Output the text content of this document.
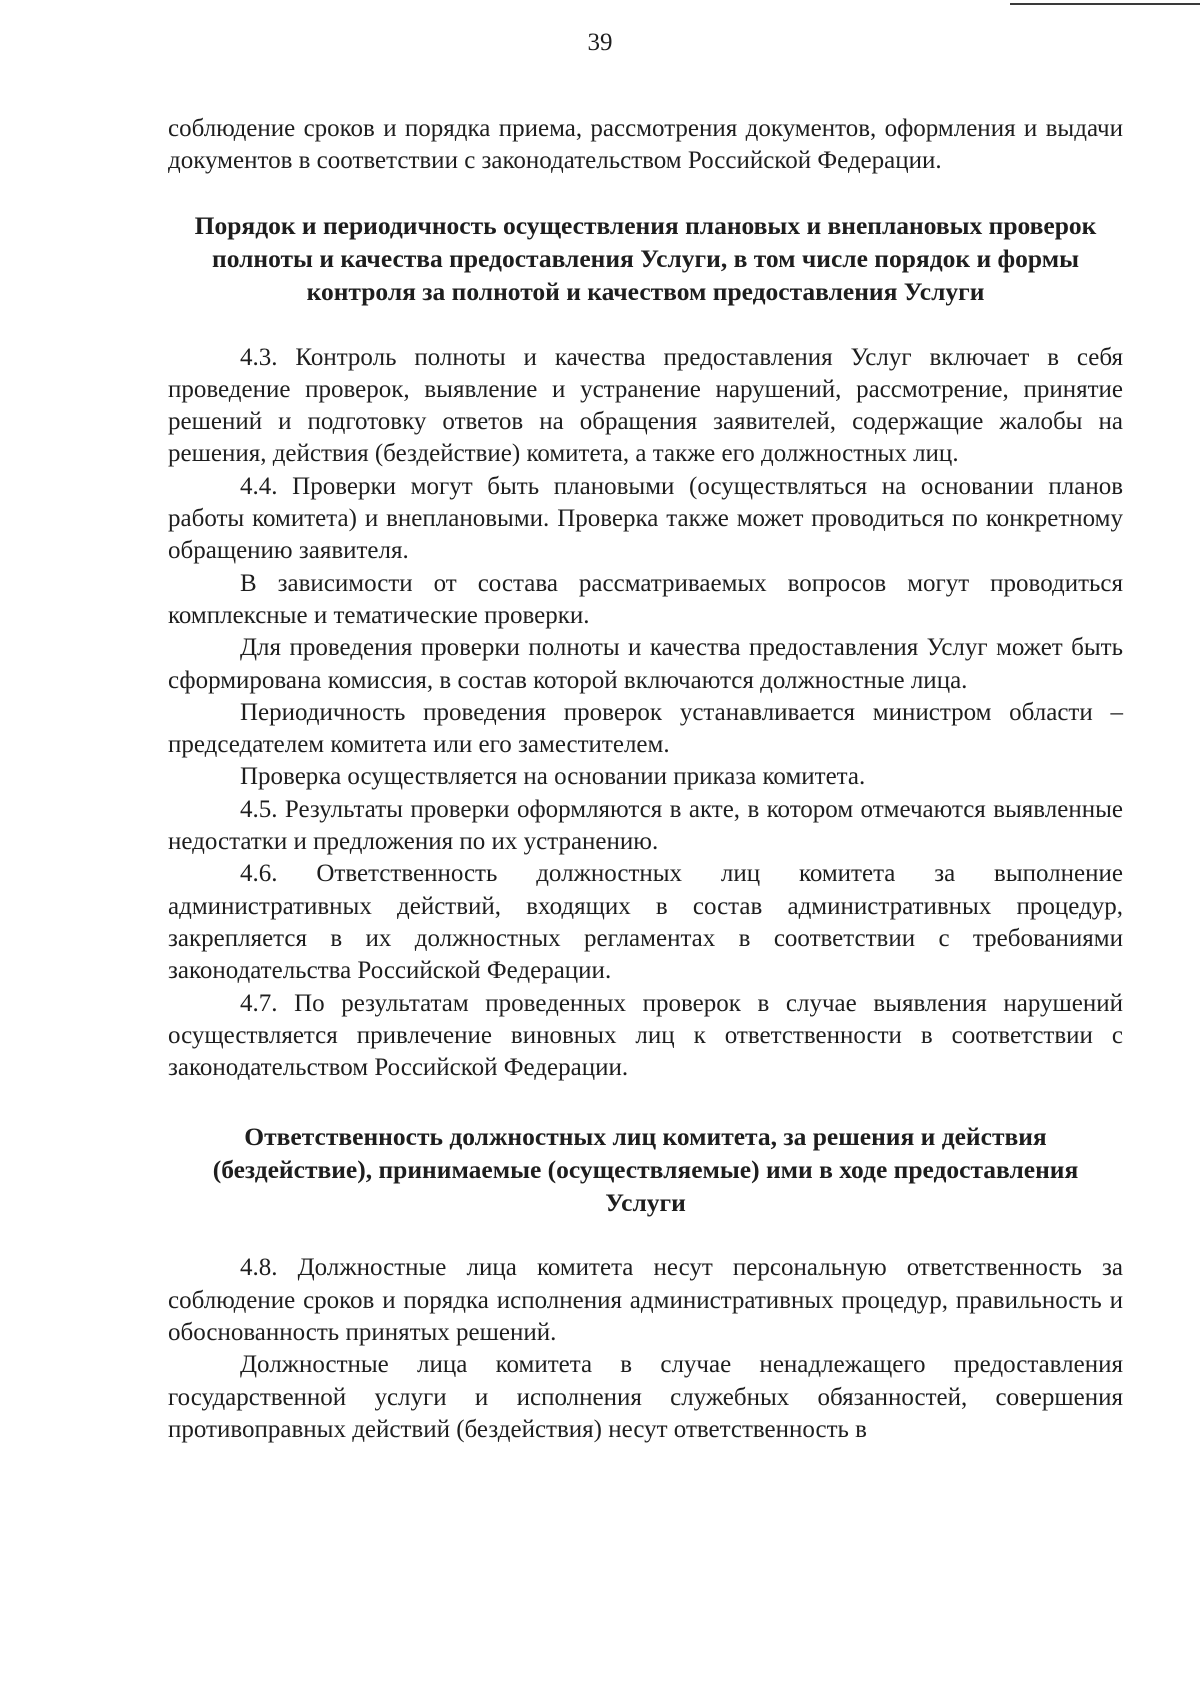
39

соблюдение сроков и порядка приема, рассмотрения документов, оформления и выдачи документов в соответствии с законодательством Российской Федерации.

Порядок и периодичность осуществления плановых и внеплановых проверок полноты и качества предоставления Услуги, в том числе порядок и формы контроля за полнотой и качеством предоставления Услуги

4.3. Контроль полноты и качества предоставления Услуг включает в себя проведение проверок, выявление и устранение нарушений, рассмотрение, принятие решений и подготовку ответов на обращения заявителей, содержащие жалобы на решения, действия (бездействие) комитета, а также его должностных лиц.

4.4. Проверки могут быть плановыми (осуществляться на основании планов работы комитета) и внеплановыми. Проверка также может проводиться по конкретному обращению заявителя.

В зависимости от состава рассматриваемых вопросов могут проводиться комплексные и тематические проверки.

Для проведения проверки полноты и качества предоставления Услуг может быть сформирована комиссия, в состав которой включаются должностные лица.

Периодичность проведения проверок устанавливается министром области – председателем комитета или его заместителем.

Проверка осуществляется на основании приказа комитета.

4.5. Результаты проверки оформляются в акте, в котором отмечаются выявленные недостатки и предложения по их устранению.

4.6. Ответственность должностных лиц комитета за выполнение административных действий, входящих в состав административных процедур, закрепляется в их должностных регламентах в соответствии с требованиями законодательства Российской Федерации.

4.7. По результатам проведенных проверок в случае выявления нарушений осуществляется привлечение виновных лиц к ответственности в соответствии с законодательством Российской Федерации.

Ответственность должностных лиц комитета, за решения и действия (бездействие), принимаемые (осуществляемые) ими в ходе предоставления Услуги

4.8. Должностные лица комитета несут персональную ответственность за соблюдение сроков и порядка исполнения административных процедур, правильность и обоснованность принятых решений.

Должностные лица комитета в случае ненадлежащего предоставления государственной услуги и исполнения служебных обязанностей, совершения противоправных действий (бездействия) несут ответственность в
